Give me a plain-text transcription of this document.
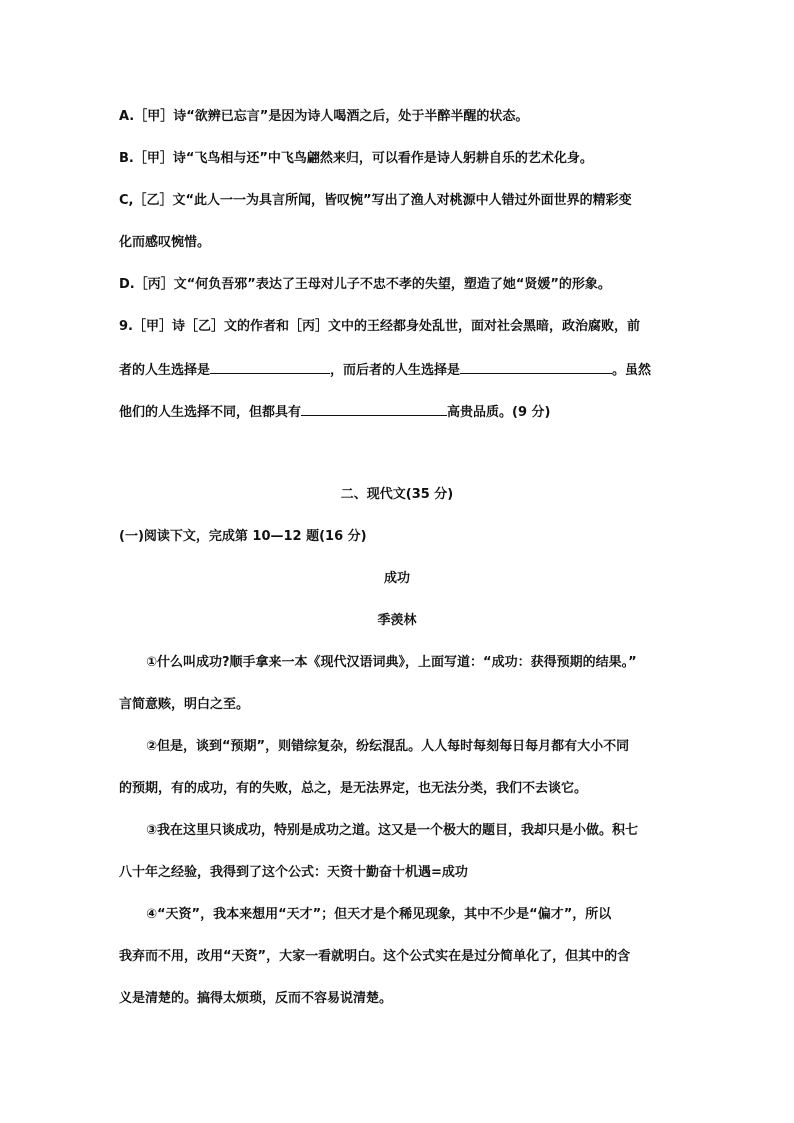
A.［甲］诗“欲辨已忘言”是因为诗人喝酒之后，处于半醉半醒的状态。
B.［甲］诗“飞鸟相与还”中飞鸟翩然来归，可以看作是诗人躬耕自乐的艺术化身。
C,［乙］文“此人一一为具言所闻，皆叹惋”写出了渔人对桃源中人错过外面世界的精彩变
化而感叹惋惜。
D.［丙］文“何负吾邪”表达了王母对儿子不忠不孝的失望，塑造了她“贤媛”的形象。
9.［甲］诗［乙］文的作者和［丙］文中的王经都身处乱世，面对社会黑暗，政治腐败，前
者的人生选择是	，而后者的人生选择是	。虽然
他们的人生选择不同，但都具有	高贵品质。(9 分)
二、现代文(35 分)
(一)阅读下文，完成第 10—12 题(16 分)
成功
季羡林
①什么叫成功?顺手拿来一本《现代汉语词典》，上面写道：“成功：获得预期的结果。”
言简意赅，明白之至。
②但是，谈到“预期”，则错综复杂，纷纭混乱。人人每时每刻每日每月都有大小不同
的预期，有的成功，有的失败，总之，是无法界定，也无法分类，我们不去谈它。
③我在这里只谈成功，特别是成功之道。这又是一个极大的题目，我却只是小做。积七
八十年之经验，我得到了这个公式：天资十勤奋十机遇=成功
④“天资”，我本来想用“天才”；但天才是个稀见现象，其中不少是“偏才”，所以
我弃而不用，改用“天资”，大家一看就明白。这个公式实在是过分简单化了，但其中的含
义是清楚的。搞得太烦琐，反而不容易说清楚。
